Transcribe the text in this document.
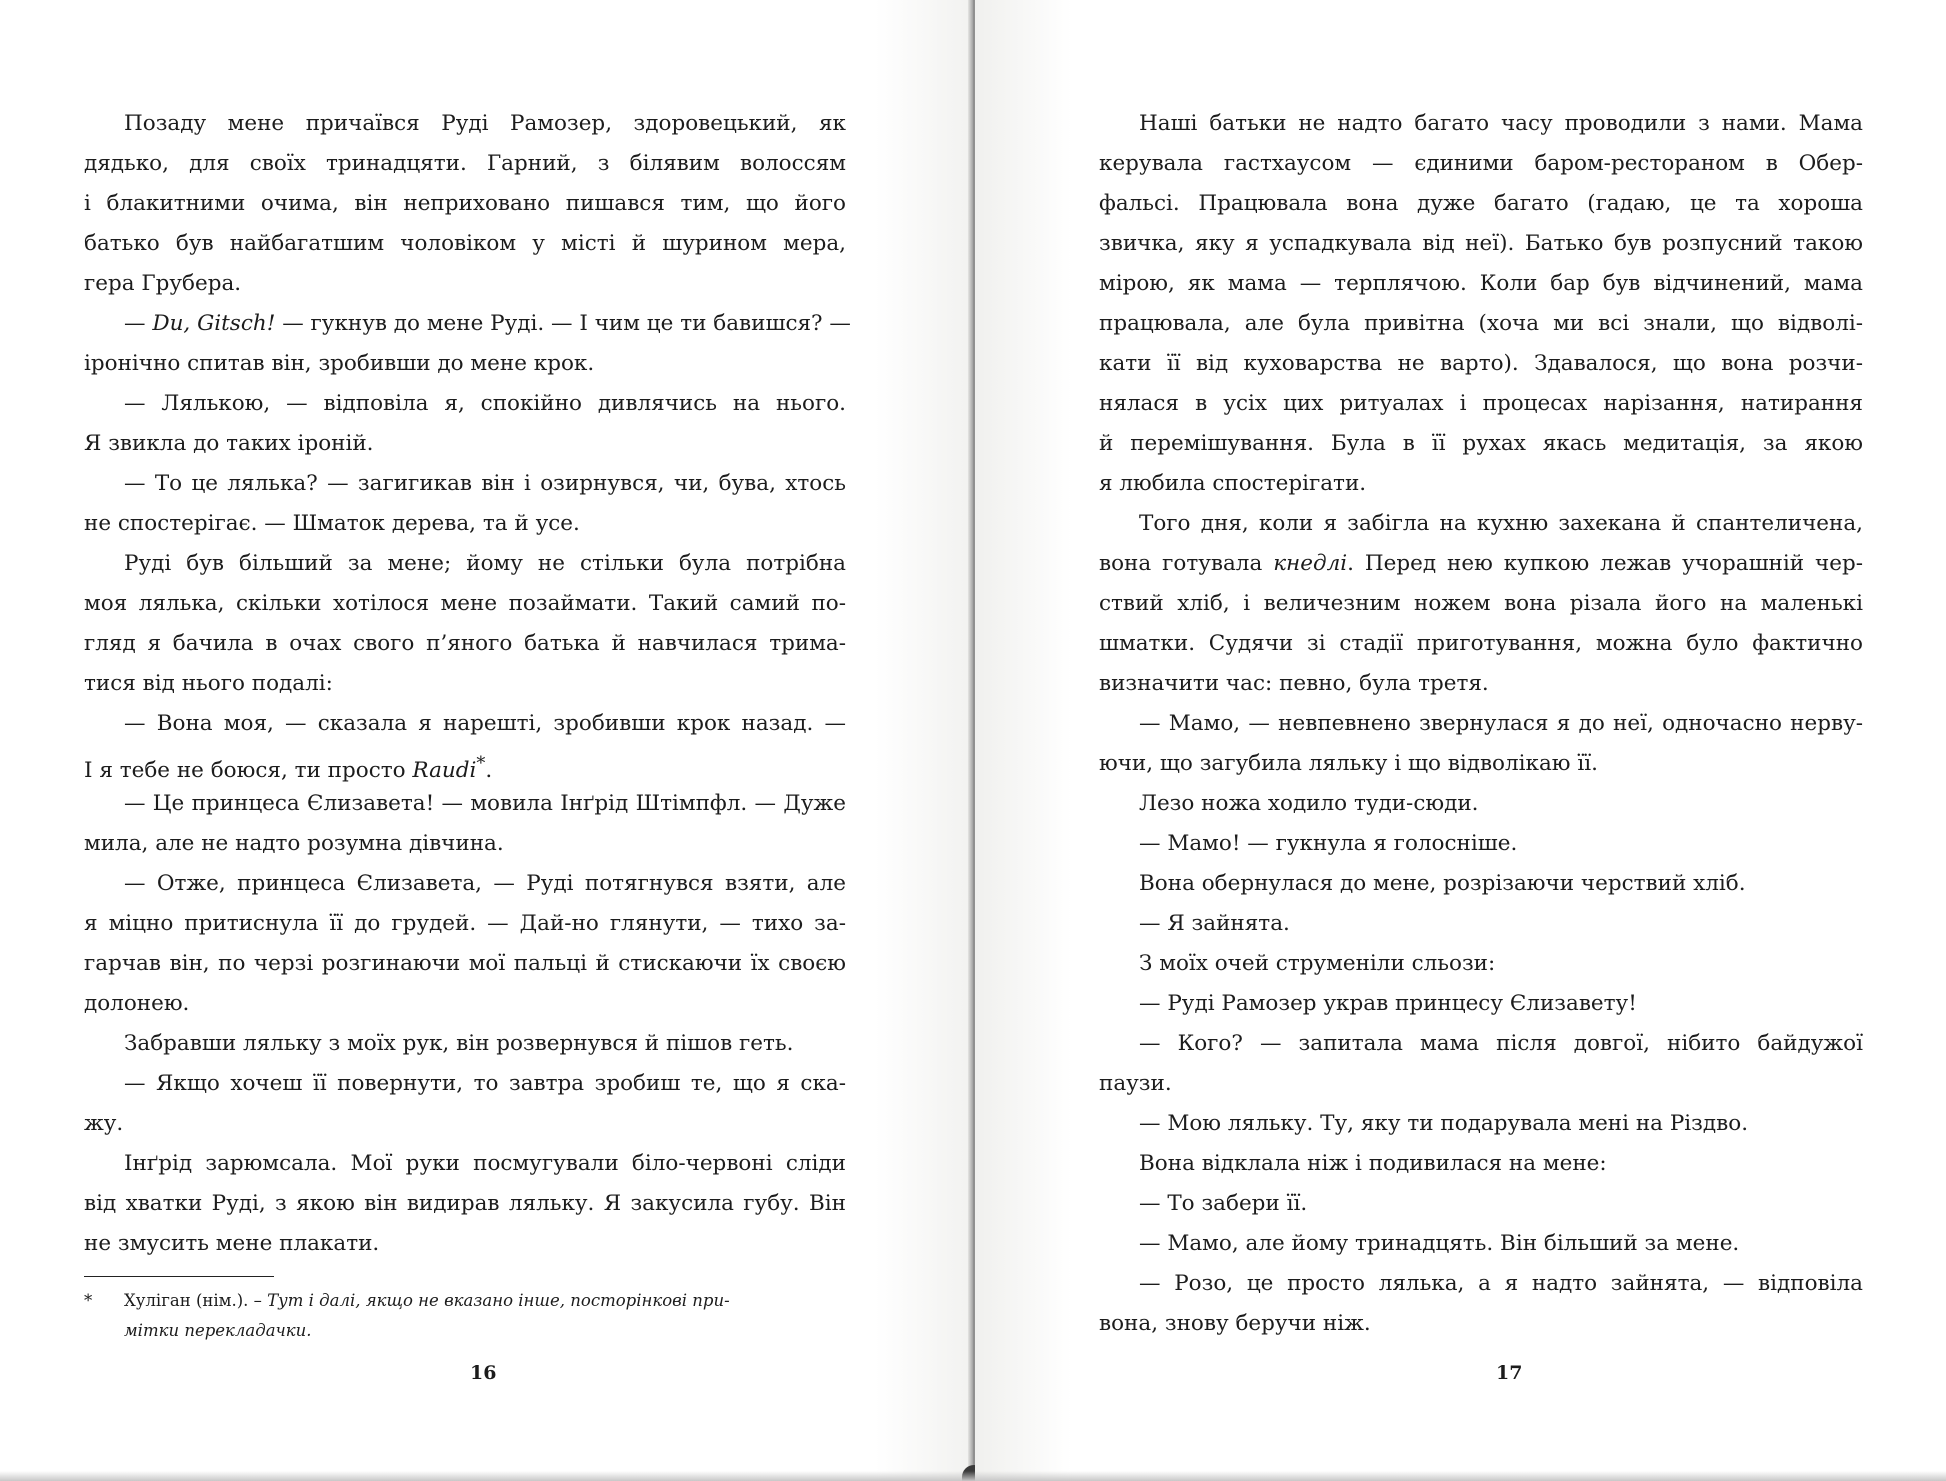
Позаду мене причаївся Руді Рамозер, здоровецький, як
дядько, для своїх тринадцяти. Гарний, з білявим волоссям
і блакитними очима, він неприховано пишався тим, що його
батько був найбагатшим чоловіком у місті й шурином мера,
гера Грубера.
— Du, Gitsch! — гукнув до мене Руді. — І чим це ти бавишся? —
іронічно спитав він, зробивши до мене крок.
— Лялькою, — відповіла я, спокійно дивлячись на нього.
Я звикла до таких іроній.
— То це лялька? — загигикав він і озирнувся, чи, бува, хтось
не спостерігає. — Шматок дерева, та й усе.
Руді був більший за мене; йому не стільки була потрібна
моя лялька, скільки хотілося мене позаймати. Такий самий по-
гляд я бачила в очах свого п’яного батька й навчилася трима-
тися від нього подалі:
— Вона моя, — сказала я нарешті, зробивши крок назад. —
І я тебе не боюся, ти просто Raudi*.
— Це принцеса Єлизавета! — мовила Інґрід Штімпфл. — Дуже
мила, але не надто розумна дівчина.
— Отже, принцеса Єлизавета, — Руді потягнувся взяти, але
я міцно притиснула її до грудей. — Дай-но глянути, — тихо за-
гарчав він, по черзі розгинаючи мої пальці й стискаючи їх своєю
долонею.
Забравши ляльку з моїх рук, він розвернувся й пішов геть.
— Якщо хочеш її повернути, то завтра зробиш те, що я ска-
жу.
Інґрід зарюмсала. Мої руки посмугували біло-червоні сліди
від хватки Руді, з якою він видирав ляльку. Я закусила губу. Він
не змусить мене плакати.
* Хуліган (нім.). – Тут і далі, якщо не вказано інше, посторінкові при-
мітки перекладачки.
16
Наші батьки не надто багато часу проводили з нами. Мама
керувала гастхаусом — єдиними баром-рестораном в Обер-
фальсі. Працювала вона дуже багато (гадаю, це та хороша
звичка, яку я успадкувала від неї). Батько був розпусний такою
мірою, як мама — терплячою. Коли бар був відчинений, мама
працювала, але була привітна (хоча ми всі знали, що відволі-
кати її від куховарства не варто). Здавалося, що вона розчи-
нялася в усіх цих ритуалах і процесах нарізання, натирання
й перемішування. Була в її рухах якась медитація, за якою
я любила спостерігати.
Того дня, коли я забігла на кухню захекана й спантеличена,
вона готувала кнедлі. Перед нею купкою лежав учорашній чер-
ствий хліб, і величезним ножем вона різала його на маленькі
шматки. Судячи зі стадії приготування, можна було фактично
визначити час: певно, була третя.
— Мамо, — невпевнено звернулася я до неї, одночасно нерву-
ючи, що загубила ляльку і що відволікаю її.
Лезо ножа ходило туди-сюди.
— Мамо! — гукнула я голосніше.
Вона обернулася до мене, розрізаючи черствий хліб.
— Я зайнята.
З моїх очей струменіли сльози:
— Руді Рамозер украв принцесу Єлизавету!
— Кого? — запитала мама після довгої, нібито байдужої
паузи.
— Мою ляльку. Ту, яку ти подарувала мені на Різдво.
Вона відклала ніж і подивилася на мене:
— То забери її.
— Мамо, але йому тринадцять. Він більший за мене.
— Розо, це просто лялька, а я надто зайнята, — відповіла
вона, знову беручи ніж.
17
